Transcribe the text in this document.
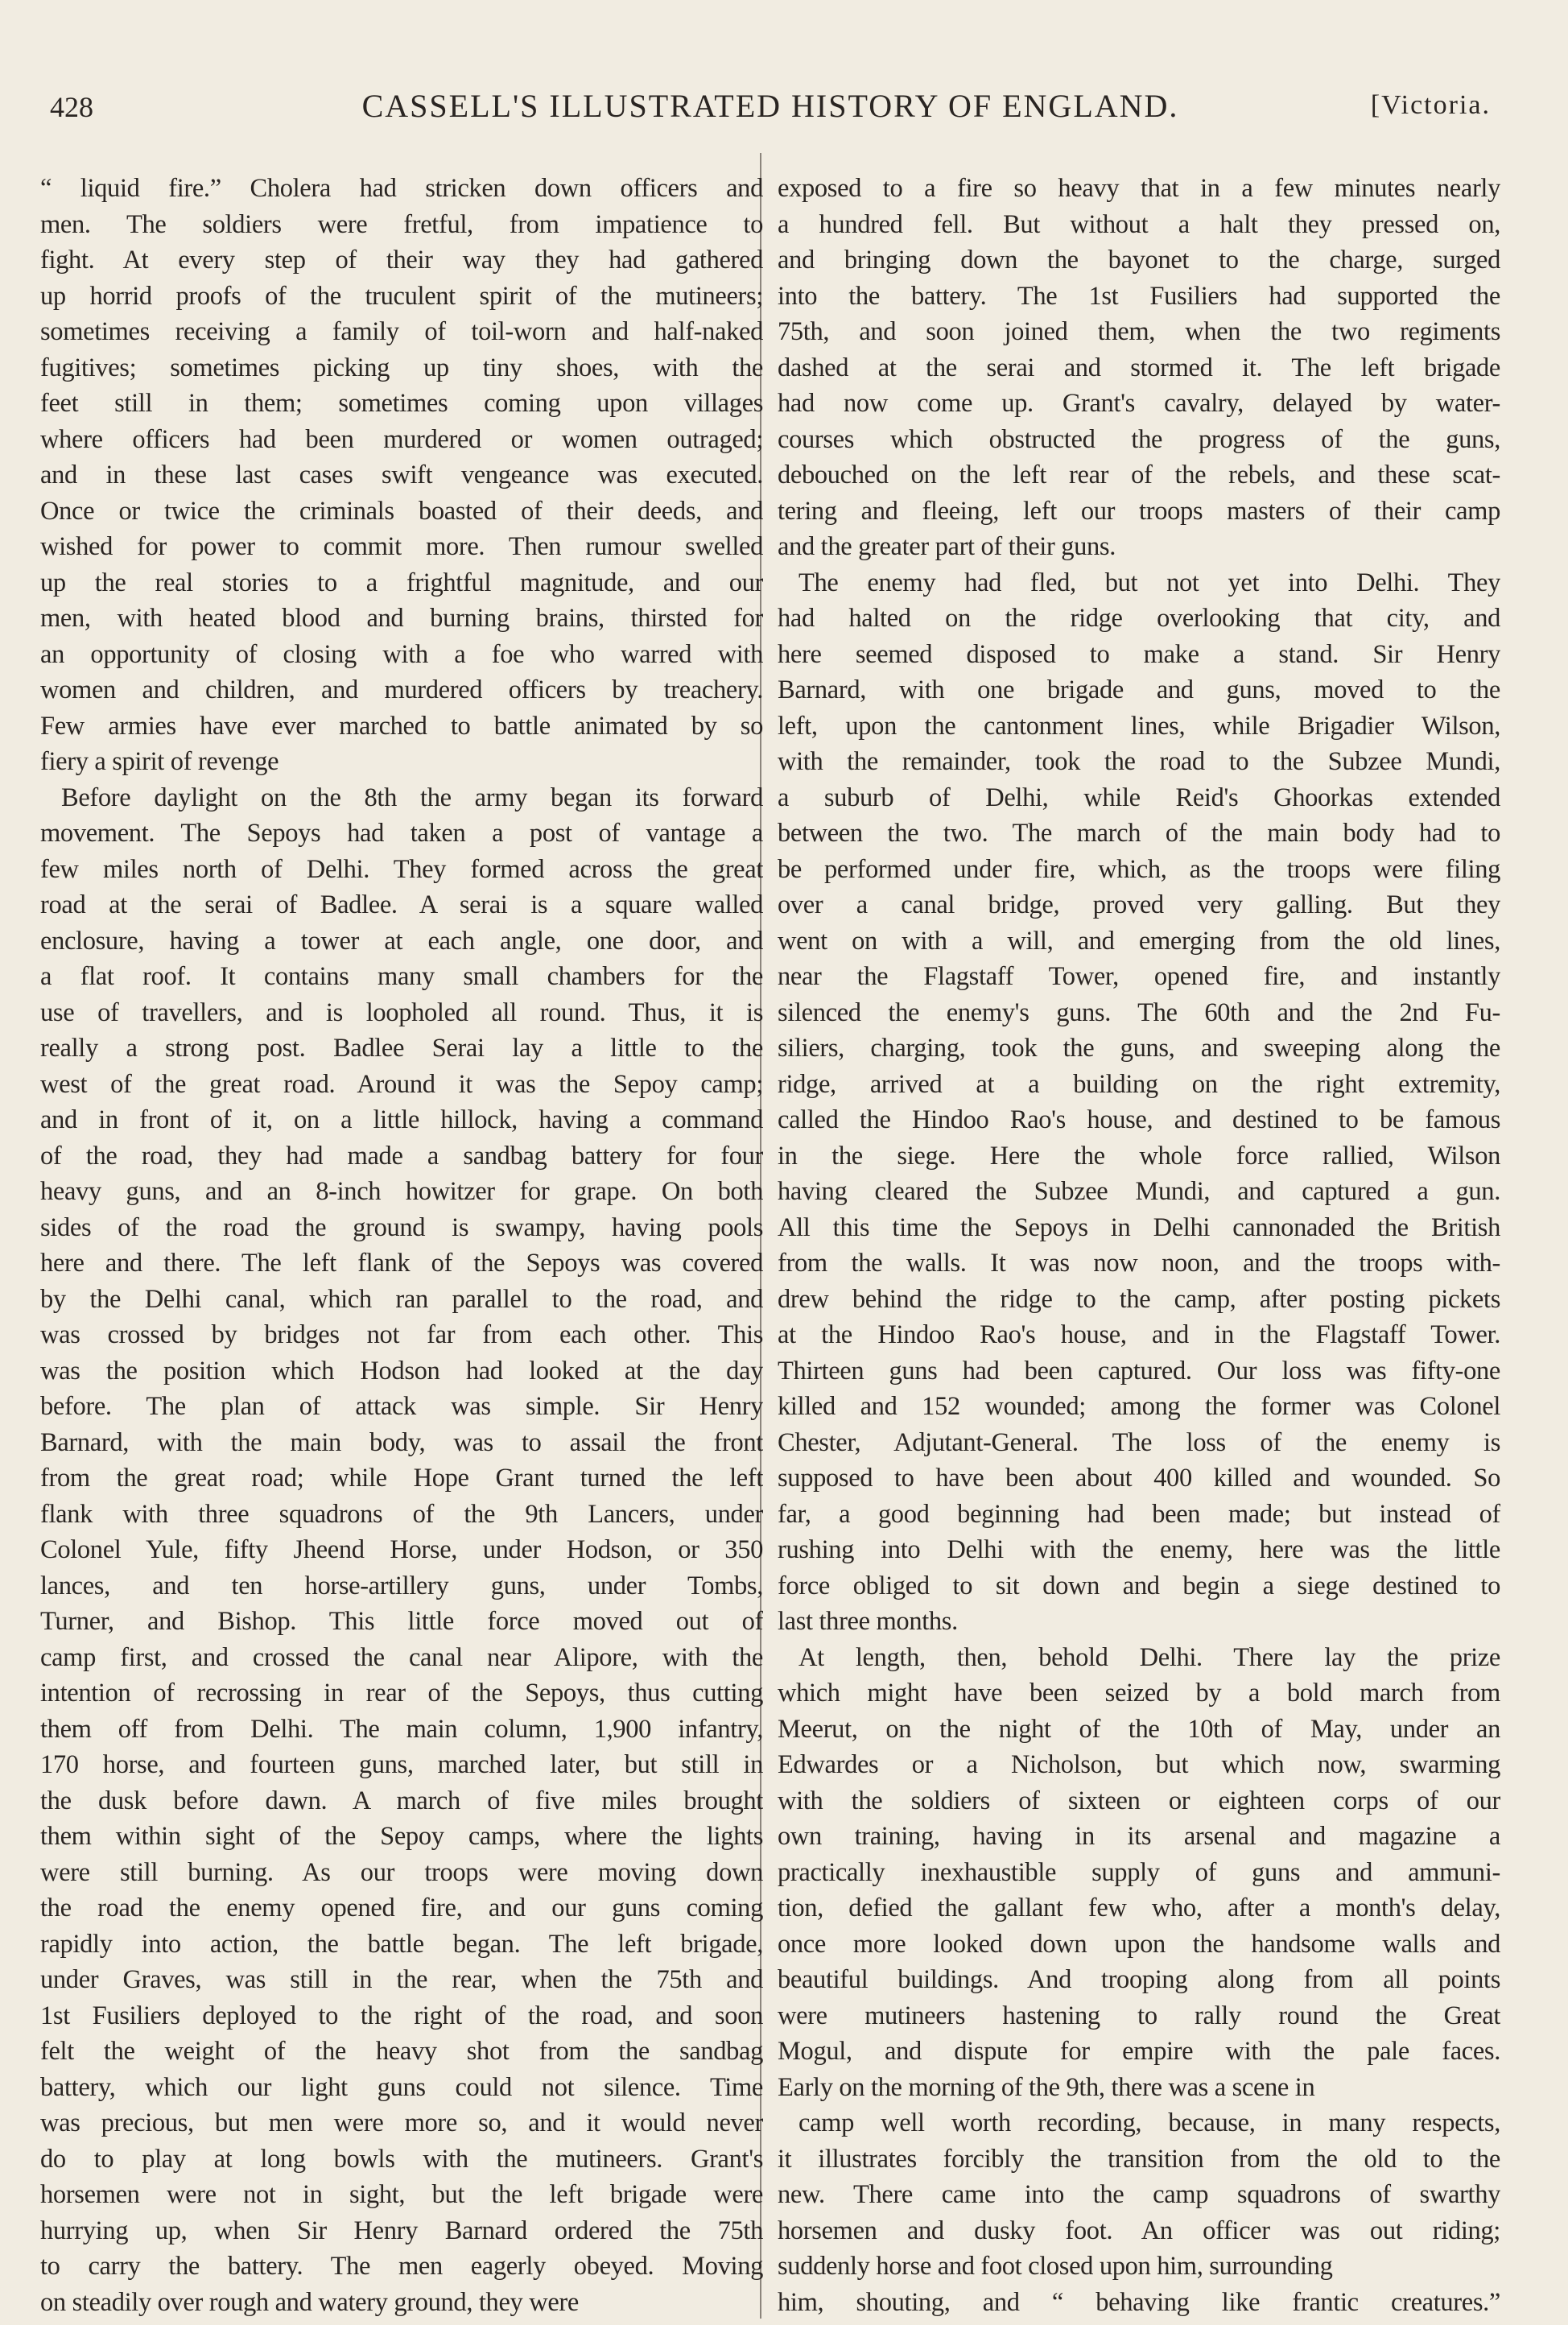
428	CASSELL'S ILLUSTRATED HISTORY OF ENGLAND.	[Victoria.
“ liquid fire.” Cholera had stricken down officers and
men. The soldiers were fretful, from impatience to
fight. At every step of their way they had gathered
up horrid proofs of the truculent spirit of the mutineers;
sometimes receiving a family of toil-worn and half-naked
fugitives; sometimes picking up tiny shoes, with the
feet still in them; sometimes coming upon villages
where officers had been murdered or women outraged;
and in these last cases swift vengeance was executed.
Once or twice the criminals boasted of their deeds, and
wished for power to commit more. Then rumour swelled
up the real stories to a frightful magnitude, and our
men, with heated blood and burning brains, thirsted for
an opportunity of closing with a foe who warred with
women and children, and murdered officers by treachery.
Few armies have ever marched to battle animated by so
fiery a spirit of revenge
Before daylight on the 8th the army began its forward
movement. The Sepoys had taken a post of vantage a
few miles north of Delhi. They formed across the great
road at the serai of Badlee. A serai is a square walled
enclosure, having a tower at each angle, one door, and
a flat roof. It contains many small chambers for the
use of travellers, and is loopholed all round. Thus, it is
really a strong post. Badlee Serai lay a little to the
west of the great road. Around it was the Sepoy camp;
and in front of it, on a little hillock, having a command
of the road, they had made a sandbag battery for four
heavy guns, and an 8-inch howitzer for grape. On both
sides of the road the ground is swampy, having pools
here and there. The left flank of the Sepoys was covered
by the Delhi canal, which ran parallel to the road, and
was crossed by bridges not far from each other. This
was the position which Hodson had looked at the day
before. The plan of attack was simple. Sir Henry
Barnard, with the main body, was to assail the front
from the great road; while Hope Grant turned the left
flank with three squadrons of the 9th Lancers, under
Colonel Yule, fifty Jheend Horse, under Hodson, or 350
lances, and ten horse-artillery guns, under Tombs,
Turner, and Bishop. This little force moved out of
camp first, and crossed the canal near Alipore, with the
intention of recrossing in rear of the Sepoys, thus cutting
them off from Delhi. The main column, 1,900 infantry,
170 horse, and fourteen guns, marched later, but still in
the dusk before dawn. A march of five miles brought
them within sight of the Sepoy camps, where the lights
were still burning. As our troops were moving down
the road the enemy opened fire, and our guns coming
rapidly into action, the battle began. The left brigade,
under Graves, was still in the rear, when the 75th and
1st Fusiliers deployed to the right of the road, and soon
felt the weight of the heavy shot from the sandbag
battery, which our light guns could not silence. Time
was precious, but men were more so, and it would never
do to play at long bowls with the mutineers. Grant's
horsemen were not in sight, but the left brigade were
hurrying up, when Sir Henry Barnard ordered the 75th
to carry the battery. The men eagerly obeyed. Moving
on steadily over rough and watery ground, they were
exposed to a fire so heavy that in a few minutes nearly
a hundred fell. But without a halt they pressed on,
and bringing down the bayonet to the charge, surged
into the battery. The 1st Fusiliers had supported the
75th, and soon joined them, when the two regiments
dashed at the serai and stormed it. The left brigade
had now come up. Grant's cavalry, delayed by water-
courses which obstructed the progress of the guns,
debouched on the left rear of the rebels, and these scat-
tering and fleeing, left our troops masters of their camp
and the greater part of their guns.
The enemy had fled, but not yet into Delhi. They
had halted on the ridge overlooking that city, and
here seemed disposed to make a stand. Sir Henry
Barnard, with one brigade and guns, moved to the
left, upon the cantonment lines, while Brigadier Wilson,
with the remainder, took the road to the Subzee Mundi,
a suburb of Delhi, while Reid's Ghoorkas extended
between the two. The march of the main body had to
be performed under fire, which, as the troops were filing
over a canal bridge, proved very galling. But they
went on with a will, and emerging from the old lines,
near the Flagstaff Tower, opened fire, and instantly
silenced the enemy's guns. The 60th and the 2nd Fu-
siliers, charging, took the guns, and sweeping along the
ridge, arrived at a building on the right extremity,
called the Hindoo Rao's house, and destined to be famous
in the siege. Here the whole force rallied, Wilson
having cleared the Subzee Mundi, and captured a gun.
All this time the Sepoys in Delhi cannonaded the British
from the walls. It was now noon, and the troops with-
drew behind the ridge to the camp, after posting pickets
at the Hindoo Rao's house, and in the Flagstaff Tower.
Thirteen guns had been captured. Our loss was fifty-one
killed and 152 wounded; among the former was Colonel
Chester, Adjutant-General. The loss of the enemy is
supposed to have been about 400 killed and wounded. So
far, a good beginning had been made; but instead of
rushing into Delhi with the enemy, here was the little
force obliged to sit down and begin a siege destined to
last three months.
At length, then, behold Delhi. There lay the prize
which might have been seized by a bold march from
Meerut, on the night of the 10th of May, under an
Edwardes or a Nicholson, but which now, swarming
with the soldiers of sixteen or eighteen corps of our
own training, having in its arsenal and magazine a
practically inexhaustible supply of guns and ammuni-
tion, defied the gallant few who, after a month's delay,
once more looked down upon the handsome walls and
beautiful buildings. And trooping along from all points
were mutineers hastening to rally round the Great
Mogul, and dispute for empire with the pale faces.
Early on the morning of the 9th, there was a scene in
camp well worth recording, because, in many respects,
it illustrates forcibly the transition from the old to the
new. There came into the camp squadrons of swarthy
horsemen and dusky foot. An officer was out riding;
suddenly horse and foot closed upon him, surrounding
him, shouting, and “ behaving like frantic creatures.”
